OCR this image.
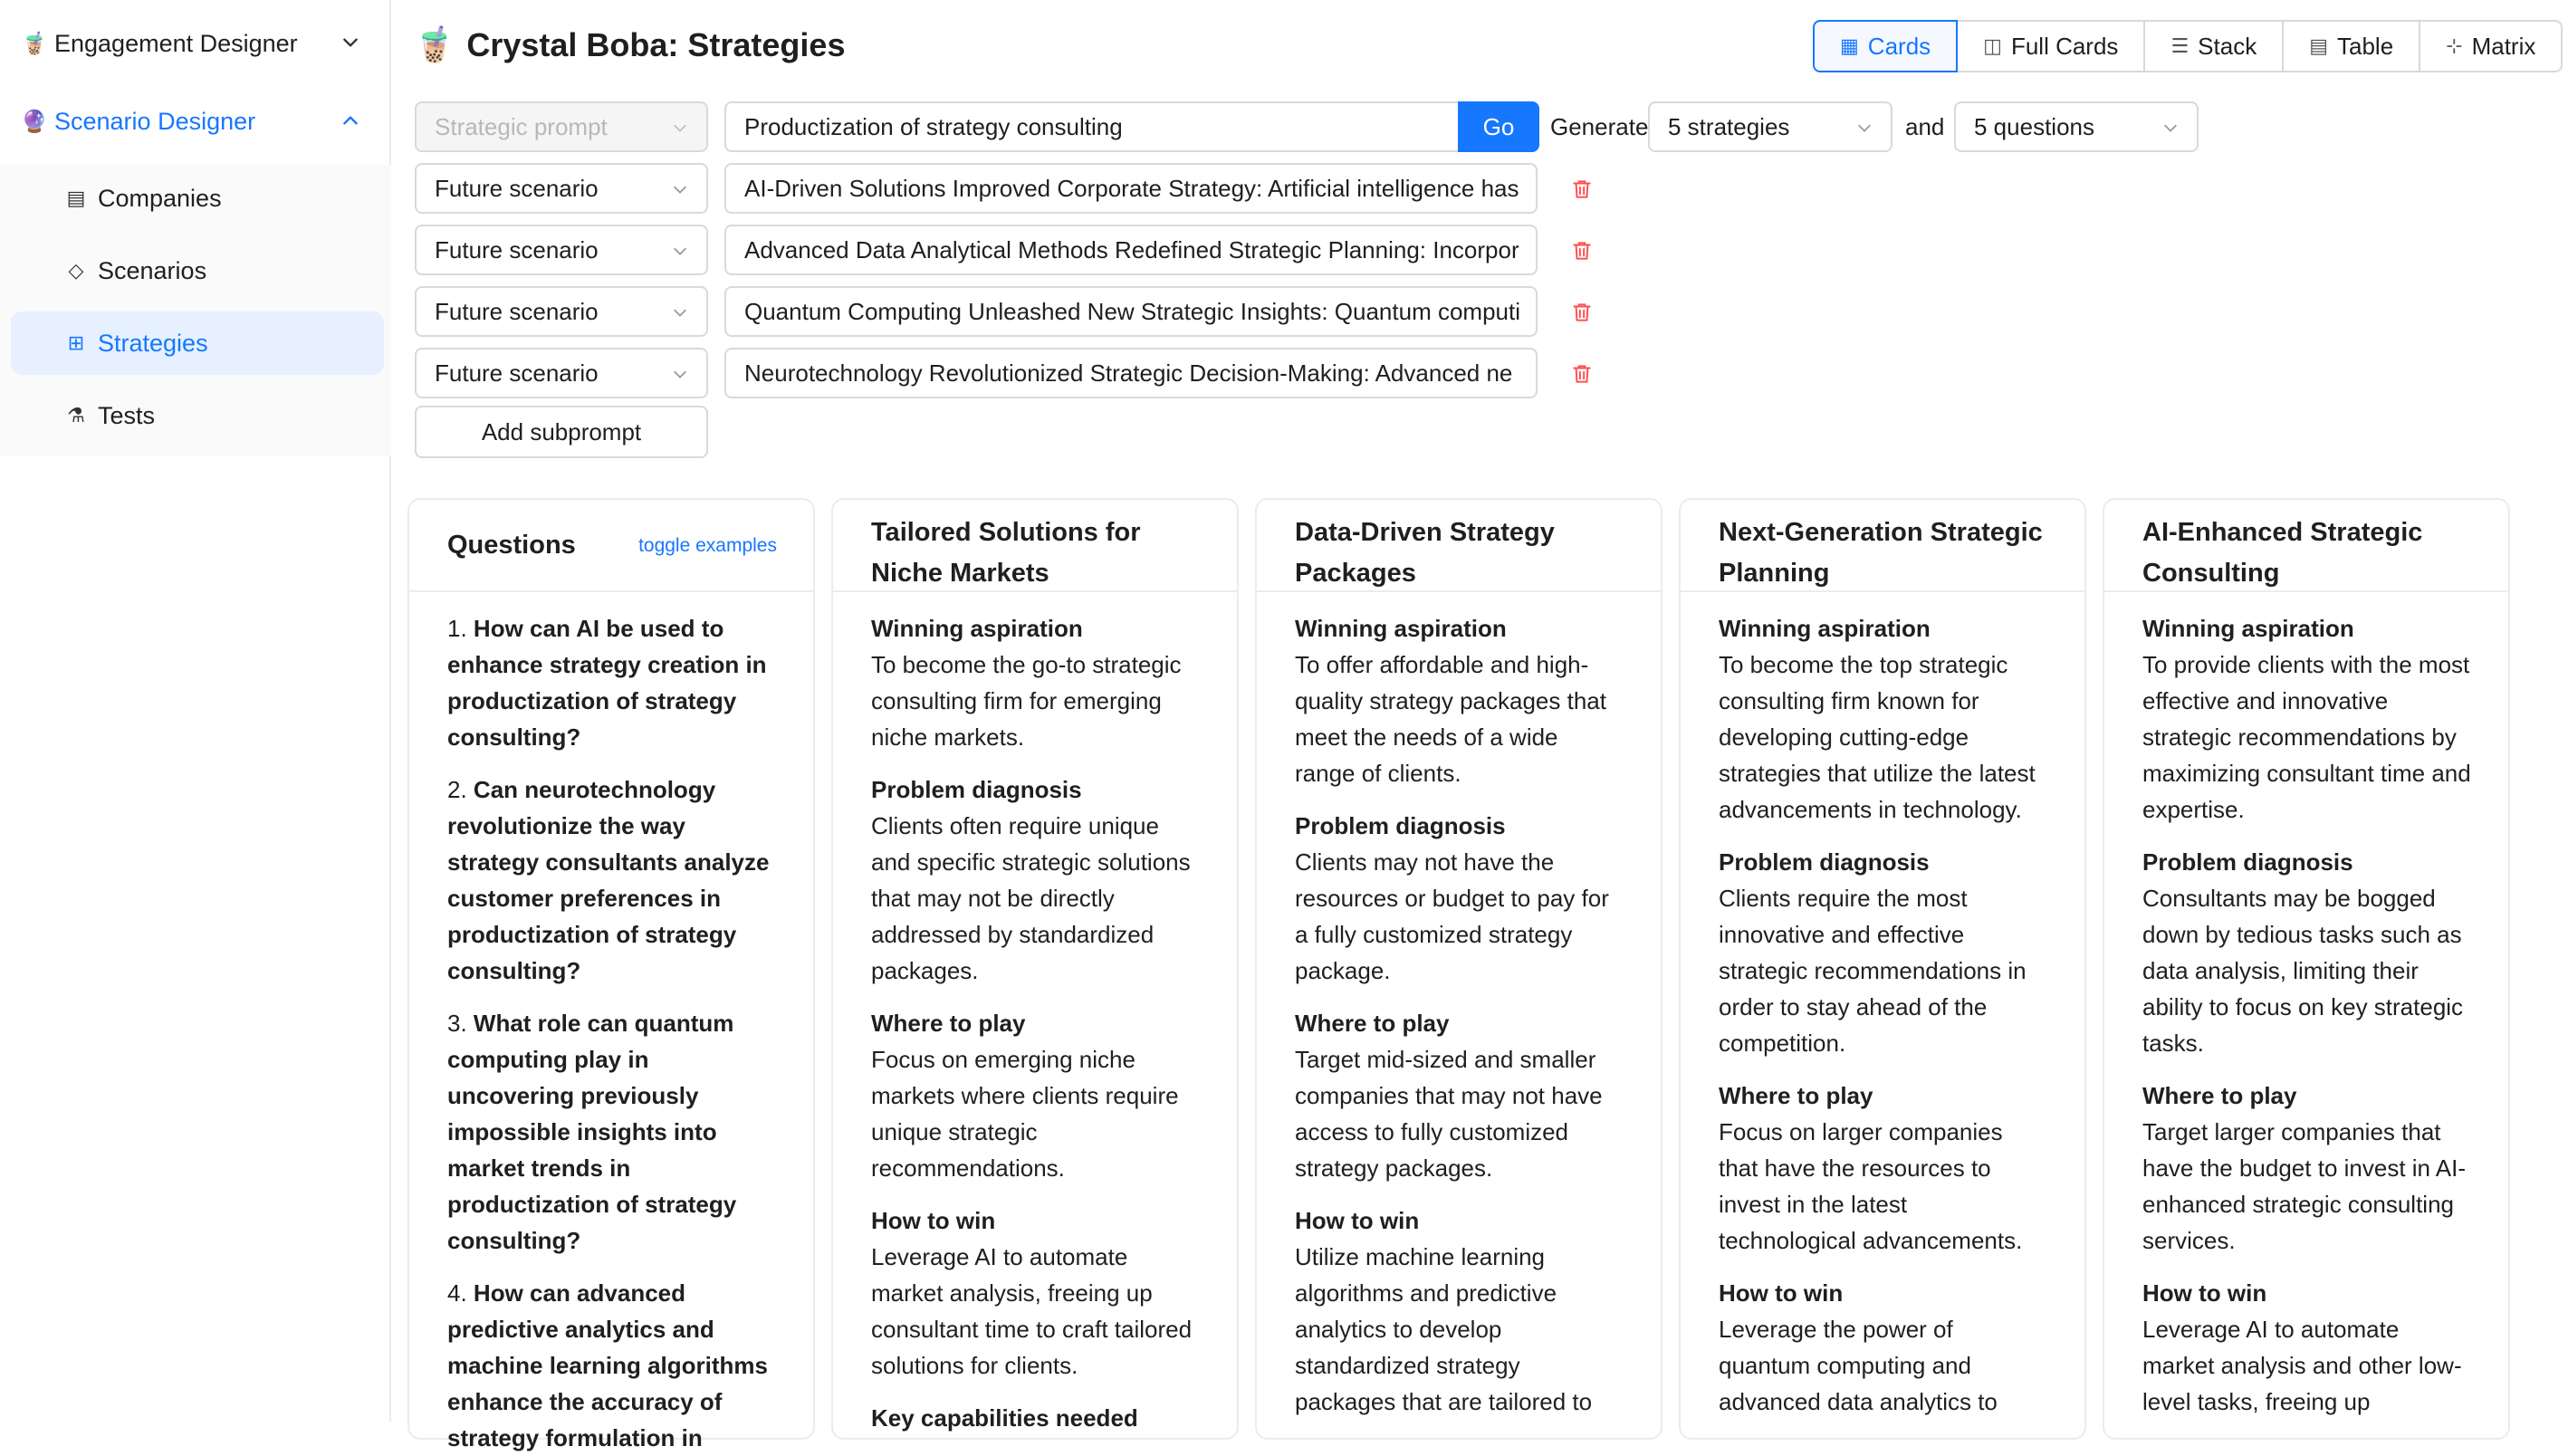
🧋 Engagement Designer
🔮 Scenario Designer
▤ Companies
◇ Scenarios
⊞ Strategies
⚗ Tests
🧋 Crystal Boba: Strategies	▦ Cards	◫ Full Cards	☰ Stack	▤ Table	⊹ Matrix
Strategic prompt	Productization of strategy consulting	Go	Generate 5 strategies	and 5 questions
Future scenario	AI-Driven Solutions Improved Corporate Strategy: Artificial intelligence has
Future scenario	Advanced Data Analytical Methods Redefined Strategic Planning: Incorpor
Future scenario	Quantum Computing Unleashed New Strategic Insights: Quantum computi
Future scenario	Neurotechnology Revolutionized Strategic Decision-Making: Advanced ne
Add subprompt
Questions	toggle examples
1. How can AI be used to enhance strategy creation in productization of strategy consulting?
2. Can neurotechnology revolutionize the way strategy consultants analyze customer preferences in productization of strategy consulting?
3. What role can quantum computing play in uncovering previously impossible insights into market trends in productization of strategy consulting?
4. How can advanced predictive analytics and machine learning algorithms enhance the accuracy of strategy formulation in
Tailored Solutions for Niche Markets
Winning aspiration
To become the go-to strategic consulting firm for emerging niche markets.
Problem diagnosis
Clients often require unique and specific strategic solutions that may not be directly addressed by standardized packages.
Where to play
Focus on emerging niche markets where clients require unique strategic recommendations.
How to win
Leverage AI to automate market analysis, freeing up consultant time to craft tailored solutions for clients.
Key capabilities needed
Data-Driven Strategy Packages
Winning aspiration
To offer affordable and high-quality strategy packages that meet the needs of a wide range of clients.
Problem diagnosis
Clients may not have the resources or budget to pay for a fully customized strategy package.
Where to play
Target mid-sized and smaller companies that may not have access to fully customized strategy packages.
How to win
Utilize machine learning algorithms and predictive analytics to develop standardized strategy packages that are tailored to
Next-Generation Strategic Planning
Winning aspiration
To become the top strategic consulting firm known for developing cutting-edge strategies that utilize the latest advancements in technology.
Problem diagnosis
Clients require the most innovative and effective strategic recommendations in order to stay ahead of the competition.
Where to play
Focus on larger companies that have the resources to invest in the latest technological advancements.
How to win
Leverage the power of quantum computing and advanced data analytics to
AI-Enhanced Strategic Consulting
Winning aspiration
To provide clients with the most effective and innovative strategic recommendations by maximizing consultant time and expertise.
Problem diagnosis
Consultants may be bogged down by tedious tasks such as data analysis, limiting their ability to focus on key strategic tasks.
Where to play
Target larger companies that have the budget to invest in AI-enhanced strategic consulting services.
How to win
Leverage AI to automate market analysis and other low-level tasks, freeing up
